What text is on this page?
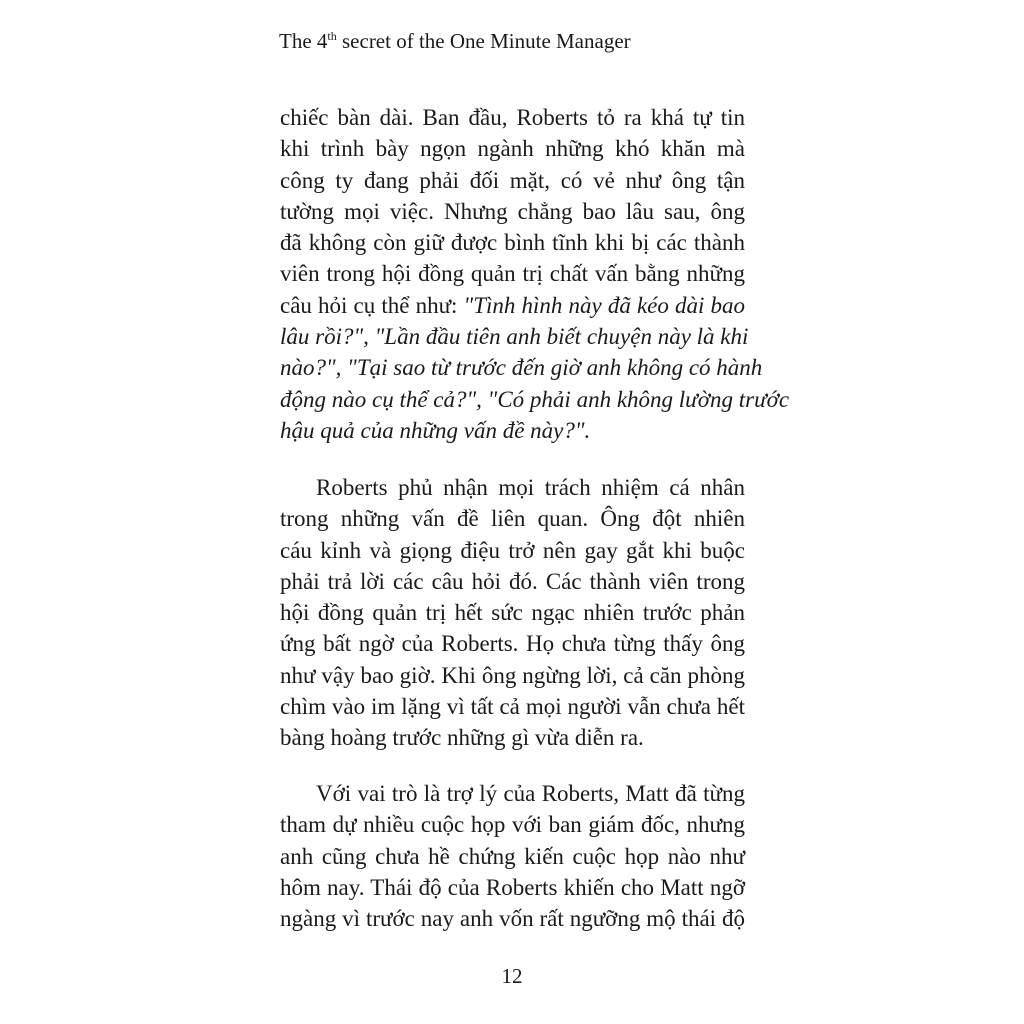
The 4th secret of the One Minute Manager
chiếc bàn dài. Ban đầu, Roberts tỏ ra khá tự tin
khi trình bày ngọn ngành những khó khăn mà
công ty đang phải đối mặt, có vẻ như ông tận
tường mọi việc. Nhưng chẳng bao lâu sau, ông
đã không còn giữ được bình tĩnh khi bị các thành
viên trong hội đồng quản trị chất vấn bằng những
câu hỏi cụ thể như: "Tình hình này đã kéo dài bao
lâu rồi?", "Lần đầu tiên anh biết chuyện này là khi
nào?", "Tại sao từ trước đến giờ anh không có hành
động nào cụ thể cả?", "Có phải anh không lường trước
hậu quả của những vấn đề này?".
Roberts phủ nhận mọi trách nhiệm cá nhân
trong những vấn đề liên quan. Ông đột nhiên
cáu kỉnh và giọng điệu trở nên gay gắt khi buộc
phải trả lời các câu hỏi đó. Các thành viên trong
hội đồng quản trị hết sức ngạc nhiên trước phản
ứng bất ngờ của Roberts. Họ chưa từng thấy ông
như vậy bao giờ. Khi ông ngừng lời, cả căn phòng
chìm vào im lặng vì tất cả mọi người vẫn chưa hết
bàng hoàng trước những gì vừa diễn ra.
Với vai trò là trợ lý của Roberts, Matt đã từng
tham dự nhiều cuộc họp với ban giám đốc, nhưng
anh cũng chưa hề chứng kiến cuộc họp nào như
hôm nay. Thái độ của Roberts khiến cho Matt ngỡ
ngàng vì trước nay anh vốn rất ngưỡng mộ thái độ
12
